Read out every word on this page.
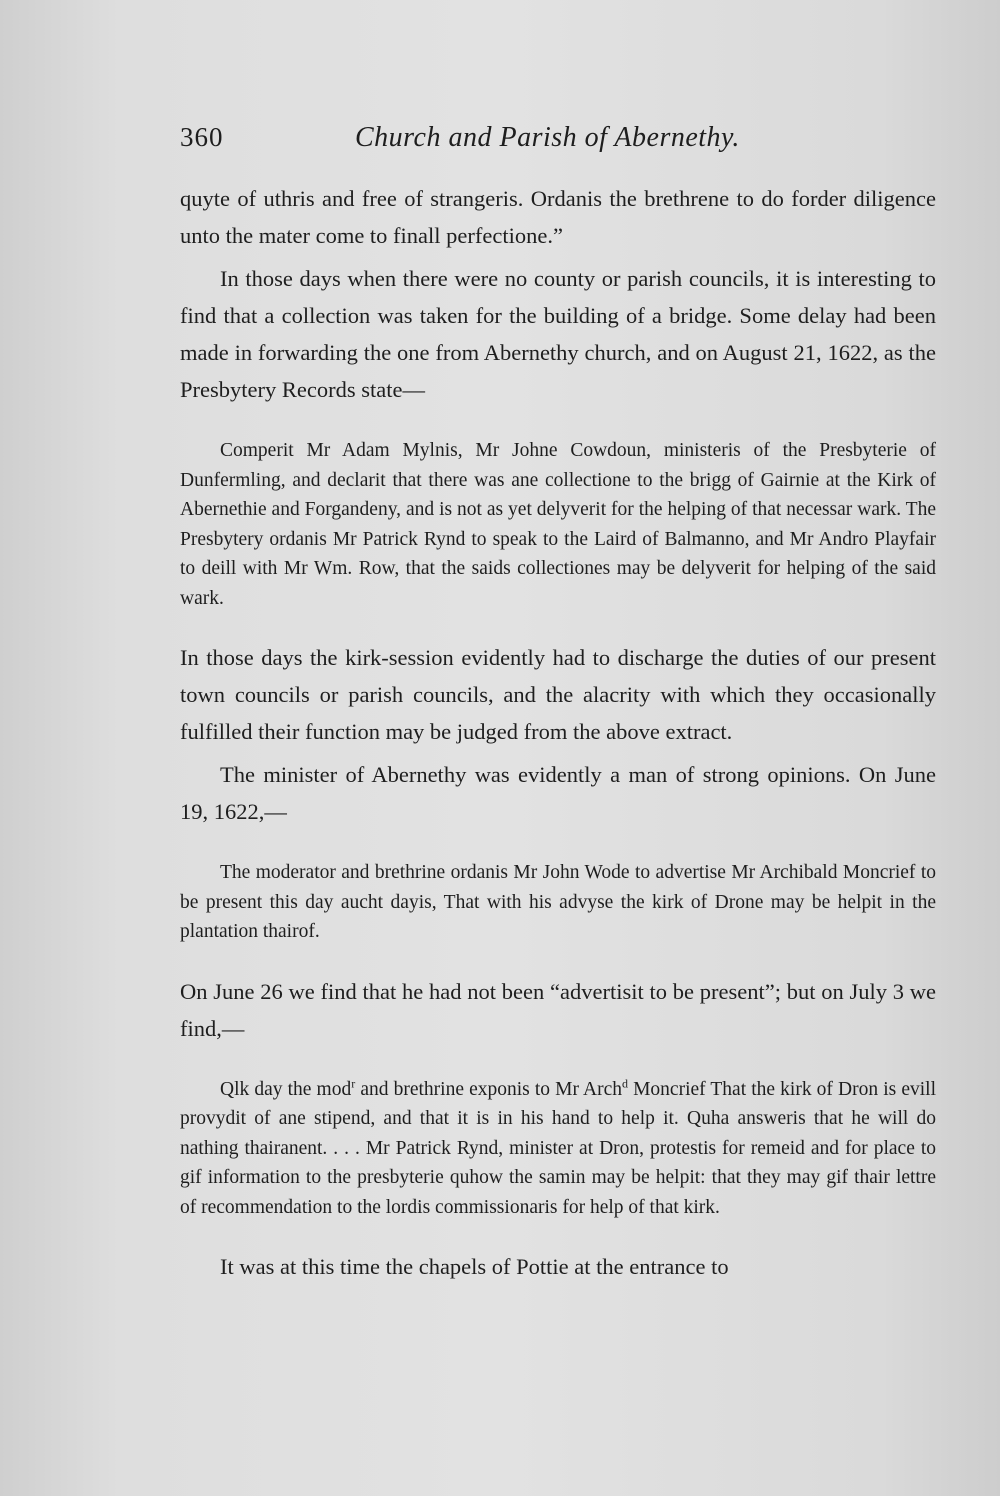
360	Church and Parish of Abernethy.

quyte of uthris and free of strangeris. Ordanis the brethrene to do forder diligence unto the mater come to finall perfectione.”

In those days when there were no county or parish councils, it is interesting to find that a collection was taken for the building of a bridge. Some delay had been made in forwarding the one from Abernethy church, and on August 21, 1622, as the Presbytery Records state—

Comperit Mr Adam Mylnis, Mr Johne Cowdoun, ministeris of the Presbyterie of Dunfermling, and declarit that there was ane collectione to the brigg of Gairnie at the Kirk of Abernethie and Forgandeny, and is not as yet delyverit for the helping of that necessar wark. The Presbytery ordanis Mr Patrick Rynd to speak to the Laird of Balmanno, and Mr Andro Playfair to deill with Mr Wm. Row, that the saids collectiones may be delyverit for helping of the said wark.

In those days the kirk-session evidently had to discharge the duties of our present town councils or parish councils, and the alacrity with which they occasionally fulfilled their function may be judged from the above extract.

The minister of Abernethy was evidently a man of strong opinions. On June 19, 1622,—

The moderator and brethrine ordanis Mr John Wode to advertise Mr Archibald Moncrief to be present this day aucht dayis, That with his advyse the kirk of Drone may be helpit in the plantation thairof.

On June 26 we find that he had not been “advertisit to be present”; but on July 3 we find,—

Qlk day the mod$^r$ and brethrine exponis to Mr Arch$^d$ Moncrief That the kirk of Dron is evill provydit of ane stipend, and that it is in his hand to help it. Quha answeris that he will do nathing thairanent. . . . Mr Patrick Rynd, minister at Dron, protestis for remeid and for place to gif information to the presbyterie quhow the samin may be helpit: that they may gif thair lettre of recommendation to the lordis commissionaris for help of that kirk.

It was at this time the chapels of Pottie at the entrance to
